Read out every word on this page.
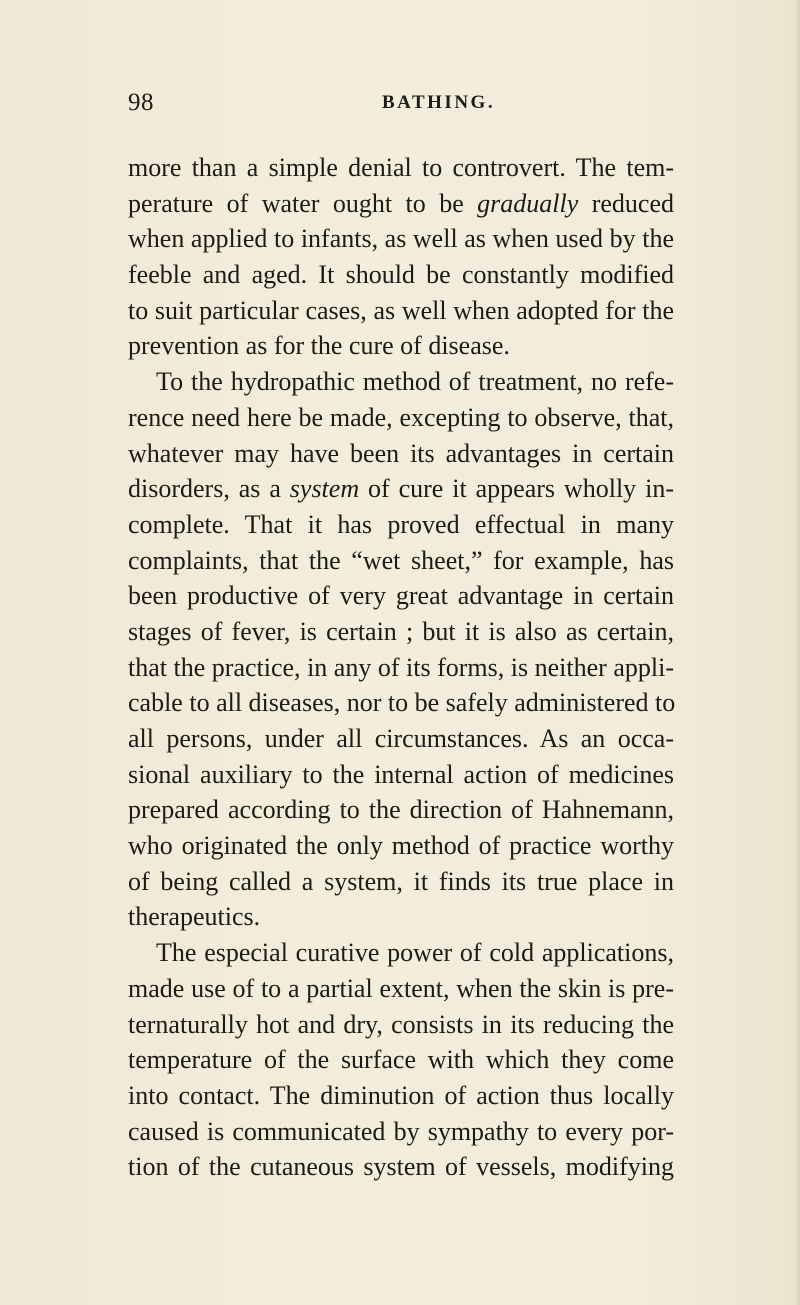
98	BATHING.
more than a simple denial to controvert. The tem-
perature of water ought to be gradually reduced
when applied to infants, as well as when used by the
feeble and aged. It should be constantly modified
to suit particular cases, as well when adopted for the
prevention as for the cure of disease.
To the hydropathic method of treatment, no refe-
rence need here be made, excepting to observe, that,
whatever may have been its advantages in certain
disorders, as a system of cure it appears wholly in-
complete. That it has proved effectual in many
complaints, that the “wet sheet,” for example, has
been productive of very great advantage in certain
stages of fever, is certain ; but it is also as certain,
that the practice, in any of its forms, is neither appli-
cable to all diseases, nor to be safely administered to
all persons, under all circumstances. As an occa-
sional auxiliary to the internal action of medicines
prepared according to the direction of Hahnemann,
who originated the only method of practice worthy
of being called a system, it finds its true place in
therapeutics.
The especial curative power of cold applications,
made use of to a partial extent, when the skin is pre-
ternaturally hot and dry, consists in its reducing the
temperature of the surface with which they come
into contact. The diminution of action thus locally
caused is communicated by sympathy to every por-
tion of the cutaneous system of vessels, modifying
